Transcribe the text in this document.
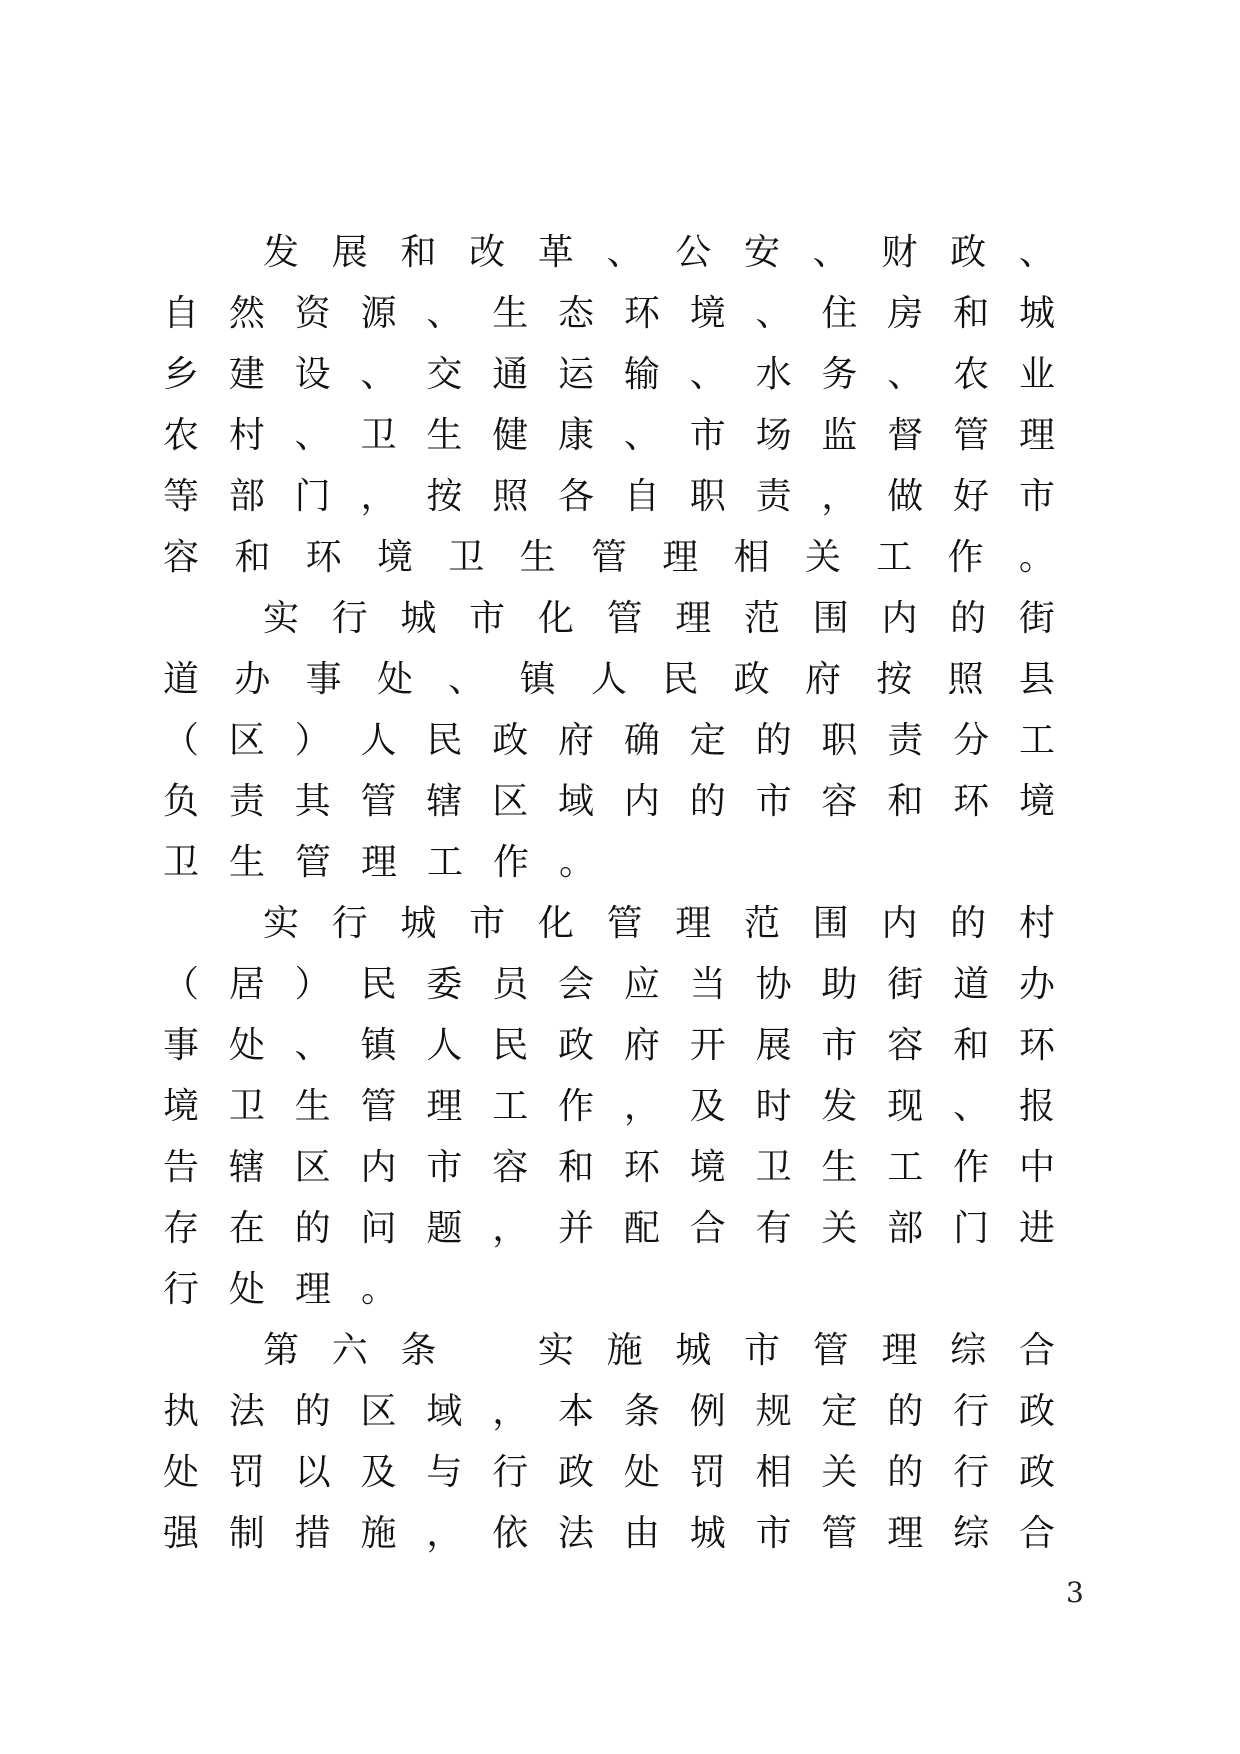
发 展 和 改 革 、 公 安 、 财 政 、
自 然 资 源 、 生 态 环 境 、 住 房 和 城
乡 建 设 、 交 通 运 输 、 水 务 、 农 业
农 村 、 卫 生 健 康 、 市 场 监 督 管 理
等 部 门 ， 按 照 各 自 职 责 ， 做 好 市
容 和 环 境 卫 生 管 理 相 关 工 作 。
实 行 城 市 化 管 理 范 围 内 的 街
道 办 事 处 、 镇 人 民 政 府 按 照 县
（ 区 ） 人 民 政 府 确 定 的 职 责 分 工
负 责 其 管 辖 区 域 内 的 市 容 和 环 境
卫 生 管 理 工 作 。
实 行 城 市 化 管 理 范 围 内 的 村
（ 居 ） 民 委 员 会 应 当 协 助 街 道 办
事 处 、 镇 人 民 政 府 开 展 市 容 和 环
境 卫 生 管 理 工 作 ， 及 时 发 现 、 报
告 辖 区 内 市 容 和 环 境 卫 生 工 作 中
存 在 的 问 题 ， 并 配 合 有 关 部 门 进
行 处 理 。
第 六 条
	实 施 城 市 管 理 综 合
执 法 的 区 域 ， 本 条 例 规 定 的 行 政
处 罚 以 及 与 行 政 处 罚 相 关 的 行 政
强 制 措 施 ， 依 法 由 城 市 管 理 综 合
3
